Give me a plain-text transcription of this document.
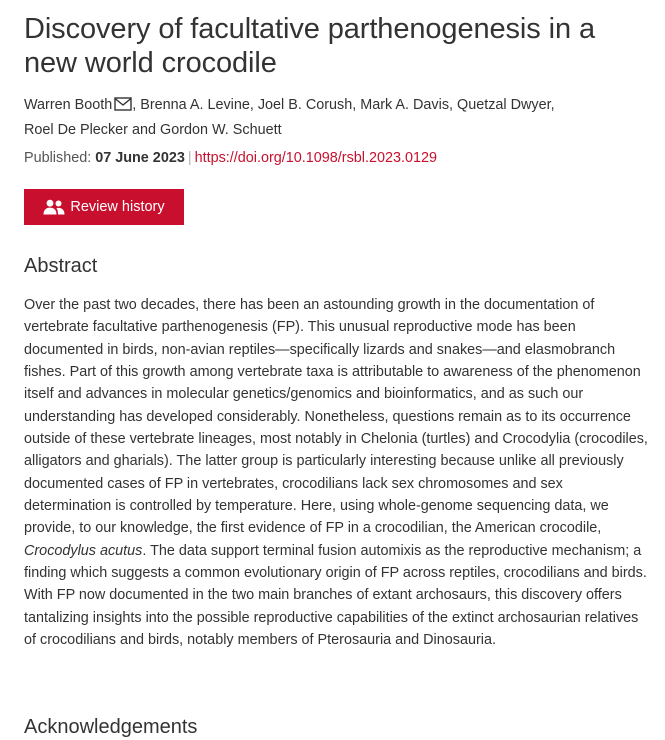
Discovery of facultative parthenogenesis in a new world crocodile
Warren Booth , Brenna A. Levine, Joel B. Corush, Mark A. Davis, Quetzal Dwyer,
Roel De Plecker and Gordon W. Schuett
Published: 07 June 2023 | https://doi.org/10.1098/rsbl.2023.0129
Review history
Abstract

Over the past two decades, there has been an astounding growth in the documentation of vertebrate facultative parthenogenesis (FP). This unusual reproductive mode has been documented in birds, non-avian reptiles—specifically lizards and snakes—and elasmobranch fishes. Part of this growth among vertebrate taxa is attributable to awareness of the phenomenon itself and advances in molecular genetics/genomics and bioinformatics, and as such our understanding has developed considerably. Nonetheless, questions remain as to its occurrence outside of these vertebrate lineages, most notably in Chelonia (turtles) and Crocodylia (crocodiles, alligators and gharials). The latter group is particularly interesting because unlike all previously documented cases of FP in vertebrates, crocodilians lack sex chromosomes and sex determination is controlled by temperature. Here, using whole-genome sequencing data, we provide, to our knowledge, the first evidence of FP in a crocodilian, the American crocodile, Crocodylus acutus. The data support terminal fusion automixis as the reproductive mechanism; a finding which suggests a common evolutionary origin of FP across reptiles, crocodilians and birds. With FP now documented in the two main branches of extant archosaurs, this discovery offers tantalizing insights into the possible reproductive capabilities of the extinct archosaurian relatives of crocodilians and birds, notably members of Pterosauria and Dinosauria.

Acknowledgements
